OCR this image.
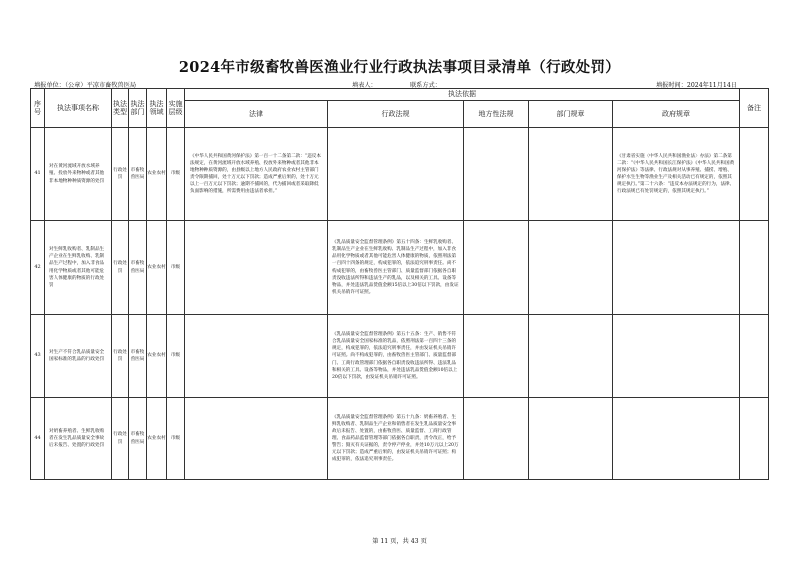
2024年市级畜牧兽医渔业行业行政执法事项目录清单（行政处罚）
填报单位：（公章）平凉市畜牧兽医局	填表人：	联系方式：	填报时间：2024年11月14日
序号	执法事项名称	执法类型	执法部门	执法领域	实施层级	执法依据					备注
						法律	行政法规	地方性法规	部门规章	政府规章	
41	对在黄河流域开放水域养殖、投放外来物种或者其他非本地物种种质资源的处罚	行政处罚	市畜牧兽医局	农业农村	市级	《中华人民共和国黄河保护法》第一百一十二条第二款：“违反本法规定，在黄河流域开放水域养殖、投放外来物种或者其他非本地物种种质资源的，由县级以上地方人民政府农业农村主管部门责令限期捕回，处十万元以下罚款；造成严重后果的，处十万元以上一百万元以下罚款；逾期不捕回的，代为捕回或者采取降低负面影响的措施，所需费用由违法者承担。”				《甘肃省实施〈中华人民共和国渔业法〉办法》第二条第二款：“《中华人民共和国长江保护法》《中华人民共和国黄河保护法》等法律、行政法规对从事养殖、捕捞、增殖、保护水生生物等渔业生产及相关活动已有规定的，依照其规定执行。”第二十六条：“违反本办法规定的行为，法律、行政法规已有处罚规定的，依照其规定执行。”	

42	对生鲜乳收购者、乳制品生产企业在生鲜乳收购、乳制品生产过程中，加入非食品用化学物质或者其他可能危害人体健康的物质的行政处罚	行政处罚	市畜牧兽医局	农业农村	市级		《乳品质量安全监督管理条例》第五十四条：生鲜乳收购者、乳制品生产企业在生鲜乳收购、乳制品生产过程中，加入非食品用化学物质或者其他可能危害人体健康的物质，依照刑法第一百四十四条的规定，构成犯罪的，依法追究刑事责任。尚不构成犯罪的，由畜牧兽医主管部门、质量监督部门依据各自职责没收违法所得和违法生产的乳品，以及相关的工具、设备等物品，并处违法乳品货值金额15倍以上30倍以下罚款，由发证机关吊销许可证照。				

43	对生产不符合乳品质量安全国家标准的乳品的行政处罚	行政处罚	市畜牧兽医局	农业农村	市级		《乳品质量安全监督管理条例》第五十五条：生产、销售不符合乳品质量安全国家标准的乳品，依照刑法第一百四十三条的规定，构成犯罪的，依法追究刑事责任，并由发证机关吊销许可证照。尚不构成犯罪的，由畜牧兽医主管部门、质量监督部门、工商行政管理部门依据各自职责没收违法所得、违法乳品和相关的工具、设备等物品，并处违法乳品货值金额10倍以上20倍以下罚款，由发证机关吊销许可证照。				

44	对奶畜养殖者、生鲜乳收购者在发生乳品质量安全事故后未报告、处置的行政处罚	行政处罚	市畜牧兽医局	农业农村	市级		《乳品质量安全监督管理条例》第五十九条：奶畜养殖者、生鲜乳收购者、乳制品生产企业和销售者在发生乳品质量安全事故后未报告、处置的，由畜牧兽医、质量监督、工商行政管理、食品药品监督管理等部门依据各自职责，责令改正，给予警告；毁灭有关证据的，责令停产停业，并处10万元以上20万元以下罚款；造成严重后果的，由发证机关吊销许可证照；构成犯罪的，依法追究刑事责任。				

第 11 页，共 43 页
